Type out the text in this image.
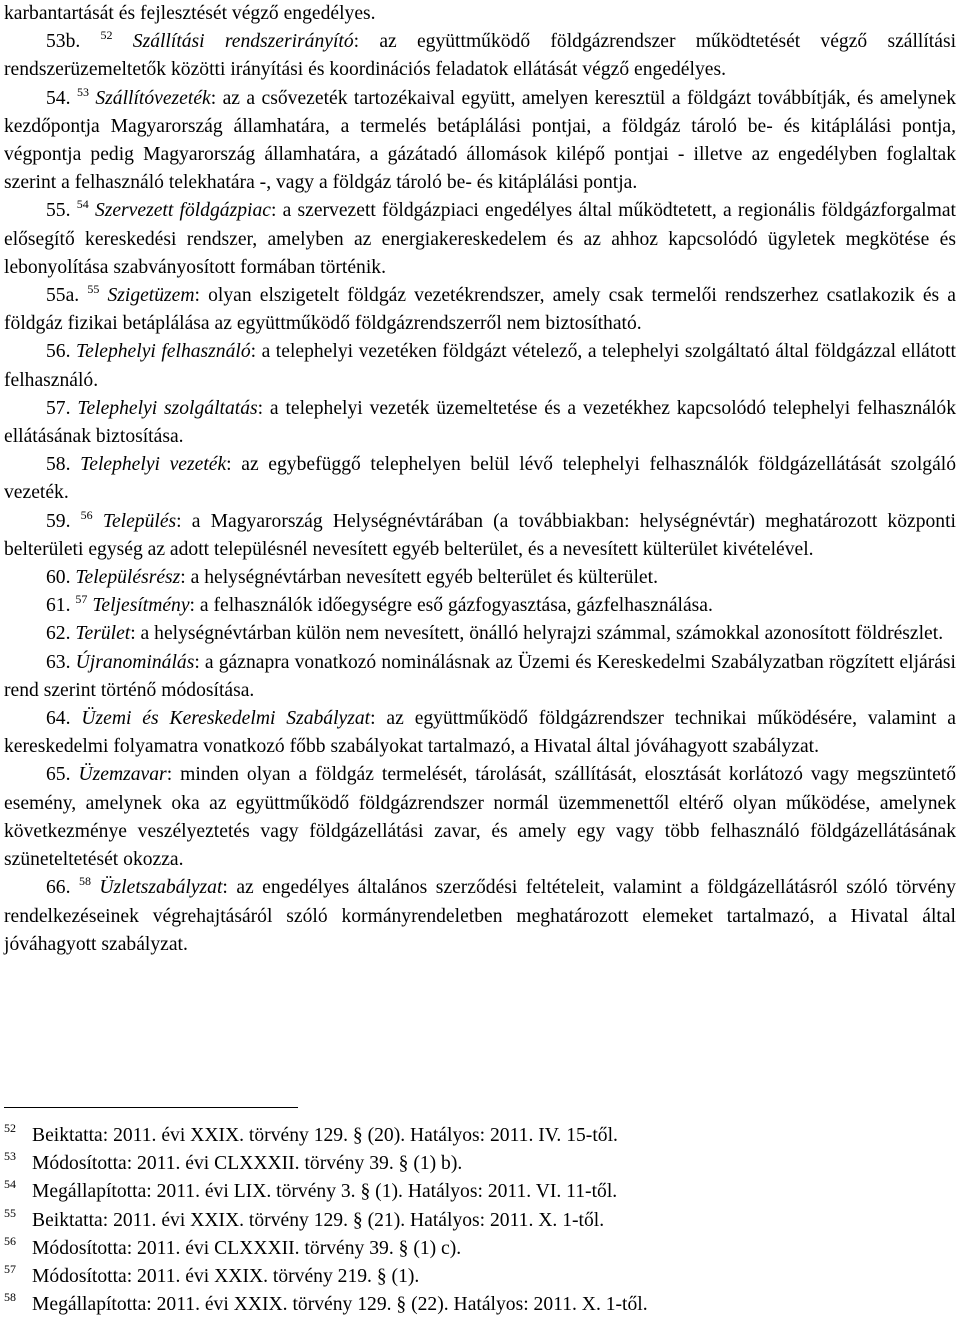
karbantartását és fejlesztését végző engedélyes.

53b. $^{52}$ Szállítási rendszerirányító: az együttműködő földgázrendszer működtetését végző szállítási rendszerüzemeltetők közötti irányítási és koordinációs feladatok ellátását végző engedélyes.

54. $^{53}$ Szállítóvezeték: az a csővezeték tartozékaival együtt, amelyen keresztül a földgázt továbbítják, és amelynek kezdőpontja Magyarország államhatára, a termelés betáplálási pontjai, a földgáz tároló be- és kitáplálási pontja, végpontja pedig Magyarország államhatára, a gázátadó állomások kilépő pontjai - illetve az engedélyben foglaltak szerint a felhasználó telekhatára -, vagy a földgáz tároló be- és kitáplálási pontja.

55. $^{54}$ Szervezett földgázpiac: a szervezett földgázpiaci engedélyes által működtetett, a regionális földgázforgalmat elősegítő kereskedési rendszer, amelyben az energiakereskedelem és az ahhoz kapcsolódó ügyletek megkötése és lebonyolítása szabványosított formában történik.

55a. $^{55}$ Szigetüzem: olyan elszigetelt földgáz vezetékrendszer, amely csak termelői rendszerhez csatlakozik és a földgáz fizikai betáplálása az együttműködő földgázrendszerről nem biztosítható.

56. Telephelyi felhasználó: a telephelyi vezetéken földgázt vételező, a telephelyi szolgáltató által földgázzal ellátott felhasználó.

57. Telephelyi szolgáltatás: a telephelyi vezeték üzemeltetése és a vezetékhez kapcsolódó telephelyi felhasználók ellátásának biztosítása.

58. Telephelyi vezeték: az egybefüggő telephelyen belül lévő telephelyi felhasználók földgázellátását szolgáló vezeték.

59. $^{56}$ Település: a Magyarország Helységnévtárában (a továbbiakban: helységnévtár) meghatározott központi belterületi egység az adott településnél nevesített egyéb belterület, és a nevesített külterület kivételével.

60. Településrész: a helységnévtárban nevesített egyéb belterület és külterület.

61. $^{57}$ Teljesítmény: a felhasználók időegységre eső gázfogyasztása, gázfelhasználása.

62. Terület: a helységnévtárban külön nem nevesített, önálló helyrajzi számmal, számokkal azonosított földrészlet.

63. Újranominálás: a gáznapra vonatkozó nominálásnak az Üzemi és Kereskedelmi Szabályzatban rögzített eljárási rend szerint történő módosítása.

64. Üzemi és Kereskedelmi Szabályzat: az együttműködő földgázrendszer technikai működésére, valamint a kereskedelmi folyamatra vonatkozó főbb szabályokat tartalmazó, a Hivatal által jóváhagyott szabályzat.

65. Üzemzavar: minden olyan a földgáz termelését, tárolását, szállítását, elosztását korlátozó vagy megszüntető esemény, amelynek oka az együttműködő földgázrendszer normál üzemmenettől eltérő olyan működése, amelynek következménye veszélyeztetés vagy földgázellátási zavar, és amely egy vagy több felhasználó földgázellátásának szüneteltetését okozza.

66. $^{58}$ Üzletszabályzat: az engedélyes általános szerződési feltételeit, valamint a földgázellátásról szóló törvény rendelkezéseinek végrehajtásáról szóló kormányrendeletben meghatározott elemeket tartalmazó, a Hivatal által jóváhagyott szabályzat.

52 Beiktatta: 2011. évi XXIX. törvény 129. § (20). Hatályos: 2011. IV. 15-től.
53 Módosította: 2011. évi CLXXXII. törvény 39. § (1) b).
54 Megállapította: 2011. évi LIX. törvény 3. § (1). Hatályos: 2011. VI. 11-től.
55 Beiktatta: 2011. évi XXIX. törvény 129. § (21). Hatályos: 2011. X. 1-től.
56 Módosította: 2011. évi CLXXXII. törvény 39. § (1) c).
57 Módosította: 2011. évi XXIX. törvény 219. § (1).
58 Megállapította: 2011. évi XXIX. törvény 129. § (22). Hatályos: 2011. X. 1-től.
